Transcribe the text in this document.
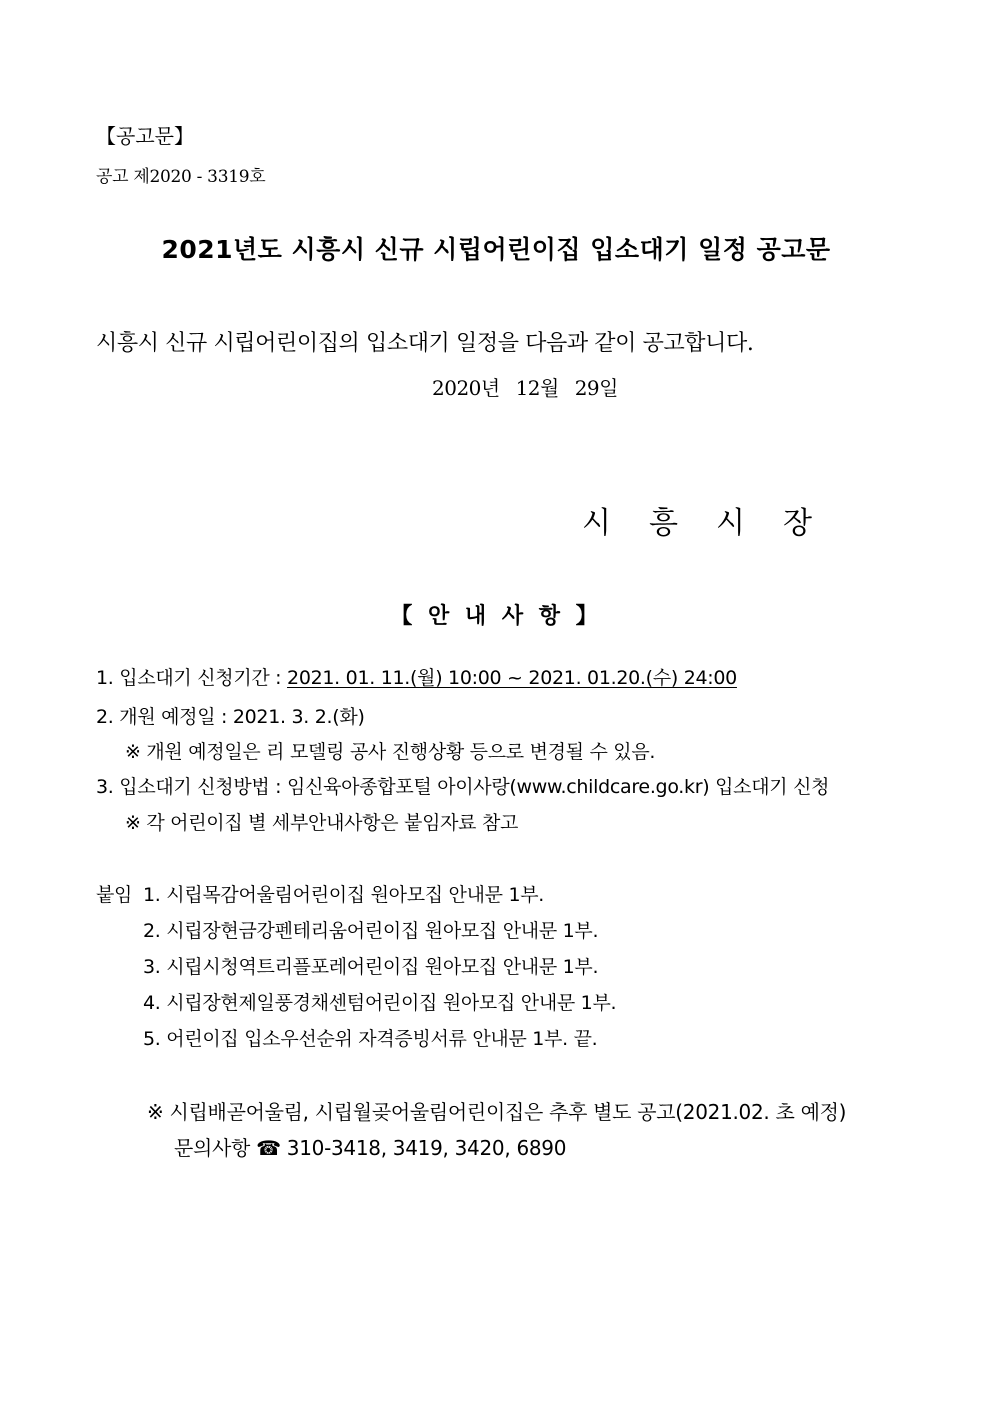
【공고문】
공고 제2020 - 3319호
2021년도 시흥시 신규 시립어린이집 입소대기 일정 공고문
시흥시 신규 시립어린이집의 입소대기 일정을 다음과 같이 공고합니다.
2020년 12월 29일
시흥시장
【 안 내 사 항 】
1. 입소대기 신청기간 : 2021. 01. 11.(월) 10:00 ~ 2021. 01.20.(수) 24:00
2. 개원 예정일 : 2021. 3. 2.(화)
※ 개원 예정일은 리 모델링 공사 진행상황 등으로 변경될 수 있음.
3. 입소대기 신청방법 : 임신육아종합포털 아이사랑(www.childcare.go.kr) 입소대기 신청
※ 각 어린이집 별 세부안내사항은 붙임자료 참고
붙임 1. 시립목감어울림어린이집 원아모집 안내문 1부.
2. 시립장현금강펜테리움어린이집 원아모집 안내문 1부.
3. 시립시청역트리플포레어린이집 원아모집 안내문 1부.
4. 시립장현제일풍경채센텀어린이집 원아모집 안내문 1부.
5. 어린이집 입소우선순위 자격증빙서류 안내문 1부. 끝.
※ 시립배곧어울림, 시립월곶어울림어린이집은 추후 별도 공고(2021.02. 초 예정)
문의사항 ☎ 310-3418, 3419, 3420, 6890
